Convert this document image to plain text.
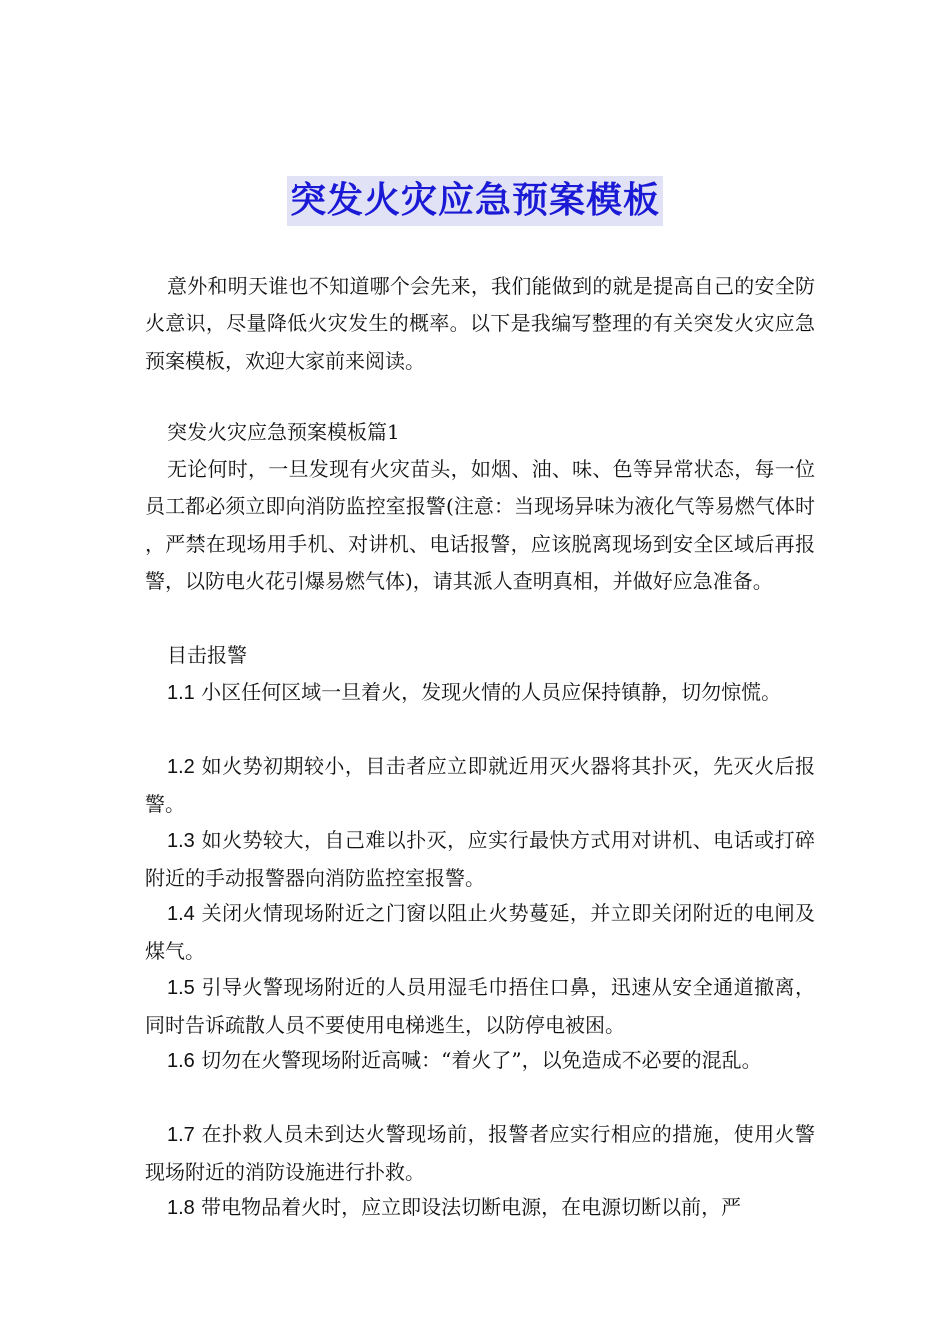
突发火灾应急预案模板

意外和明天谁也不知道哪个会先来，我们能做到的就是提高自己的安全防火意识，尽量降低火灾发生的概率。以下是我编写整理的有关突发火灾应急预案模板，欢迎大家前来阅读。

突发火灾应急预案模板篇1

无论何时，一旦发现有火灾苗头，如烟、油、味、色等异常状态，每一位员工都必须立即向消防监控室报警(注意：当现场异味为液化气等易燃气体时，严禁在现场用手机、对讲机、电话报警，应该脱离现场到安全区域后再报警，以防电火花引爆易燃气体)，请其派人查明真相，并做好应急准备。

目击报警

1.1 小区任何区域一旦着火，发现火情的人员应保持镇静，切勿惊慌。

1.2 如火势初期较小，目击者应立即就近用灭火器将其扑灭，先灭火后报警。

1.3 如火势较大，自己难以扑灭，应实行最快方式用对讲机、电话或打碎附近的手动报警器向消防监控室报警。

1.4 关闭火情现场附近之门窗以阻止火势蔓延，并立即关闭附近的电闸及煤气。

1.5 引导火警现场附近的人员用湿毛巾捂住口鼻，迅速从安全通道撤离，同时告诉疏散人员不要使用电梯逃生，以防停电被困。

1.6 切勿在火警现场附近高喊：“着火了”，以免造成不必要的混乱。

1.7 在扑救人员未到达火警现场前，报警者应实行相应的措施，使用火警现场附近的消防设施进行扑救。

1.8 带电物品着火时，应立即设法切断电源，在电源切断以前，严
